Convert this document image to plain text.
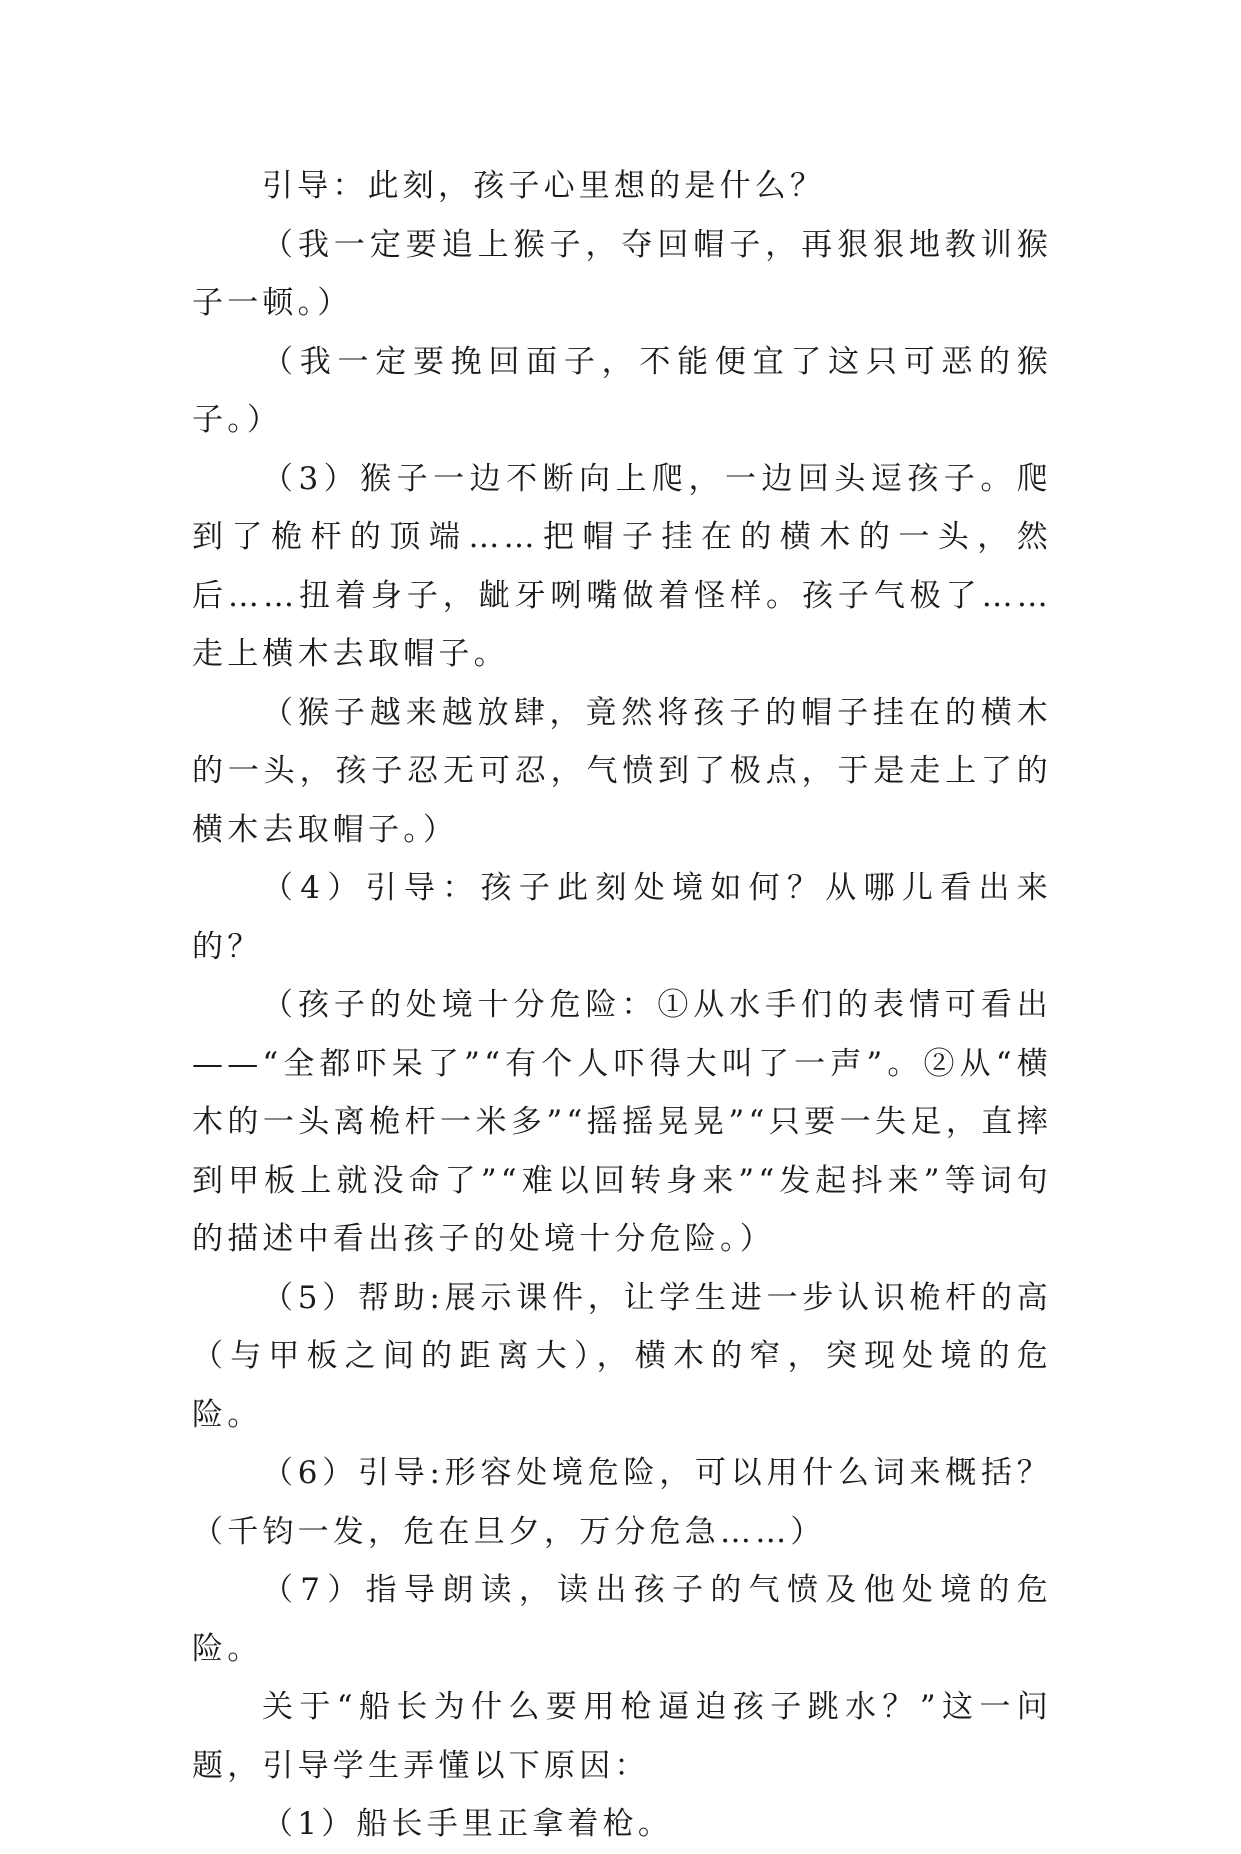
引导：此刻，孩子心里想的是什么？

（我一定要追上猴子，夺回帽子，再狠狠地教训猴子一顿。）

（我一定要挽回面子，不能便宜了这只可恶的猴子。）

（3）猴子一边不断向上爬，一边回头逗孩子。爬到了桅杆的顶端……把帽子挂在的横木的一头，然后……扭着身子，龇牙咧嘴做着怪样。孩子气极了……走上横木去取帽子。

（猴子越来越放肆，竟然将孩子的帽子挂在的横木的一头，孩子忍无可忍，气愤到了极点，于是走上了的横木去取帽子。）

（4）引导：孩子此刻处境如何？从哪儿看出来的？

（孩子的处境十分危险：①从水手们的表情可看出——“全都吓呆了”“有个人吓得大叫了一声”。②从“横木的一头离桅杆一米多”“摇摇晃晃”“只要一失足，直摔到甲板上就没命了”“难以回转身来”“发起抖来”等词句的描述中看出孩子的处境十分危险。）

（5）帮助:展示课件，让学生进一步认识桅杆的高（与甲板之间的距离大），横木的窄，突现处境的危险。

（6）引导:形容处境危险，可以用什么词来概括？（千钧一发，危在旦夕，万分危急……）

（7）指导朗读，读出孩子的气愤及他处境的危险。

关于“船长为什么要用枪逼迫孩子跳水？”这一问题，引导学生弄懂以下原因：

（1）船长手里正拿着枪。
